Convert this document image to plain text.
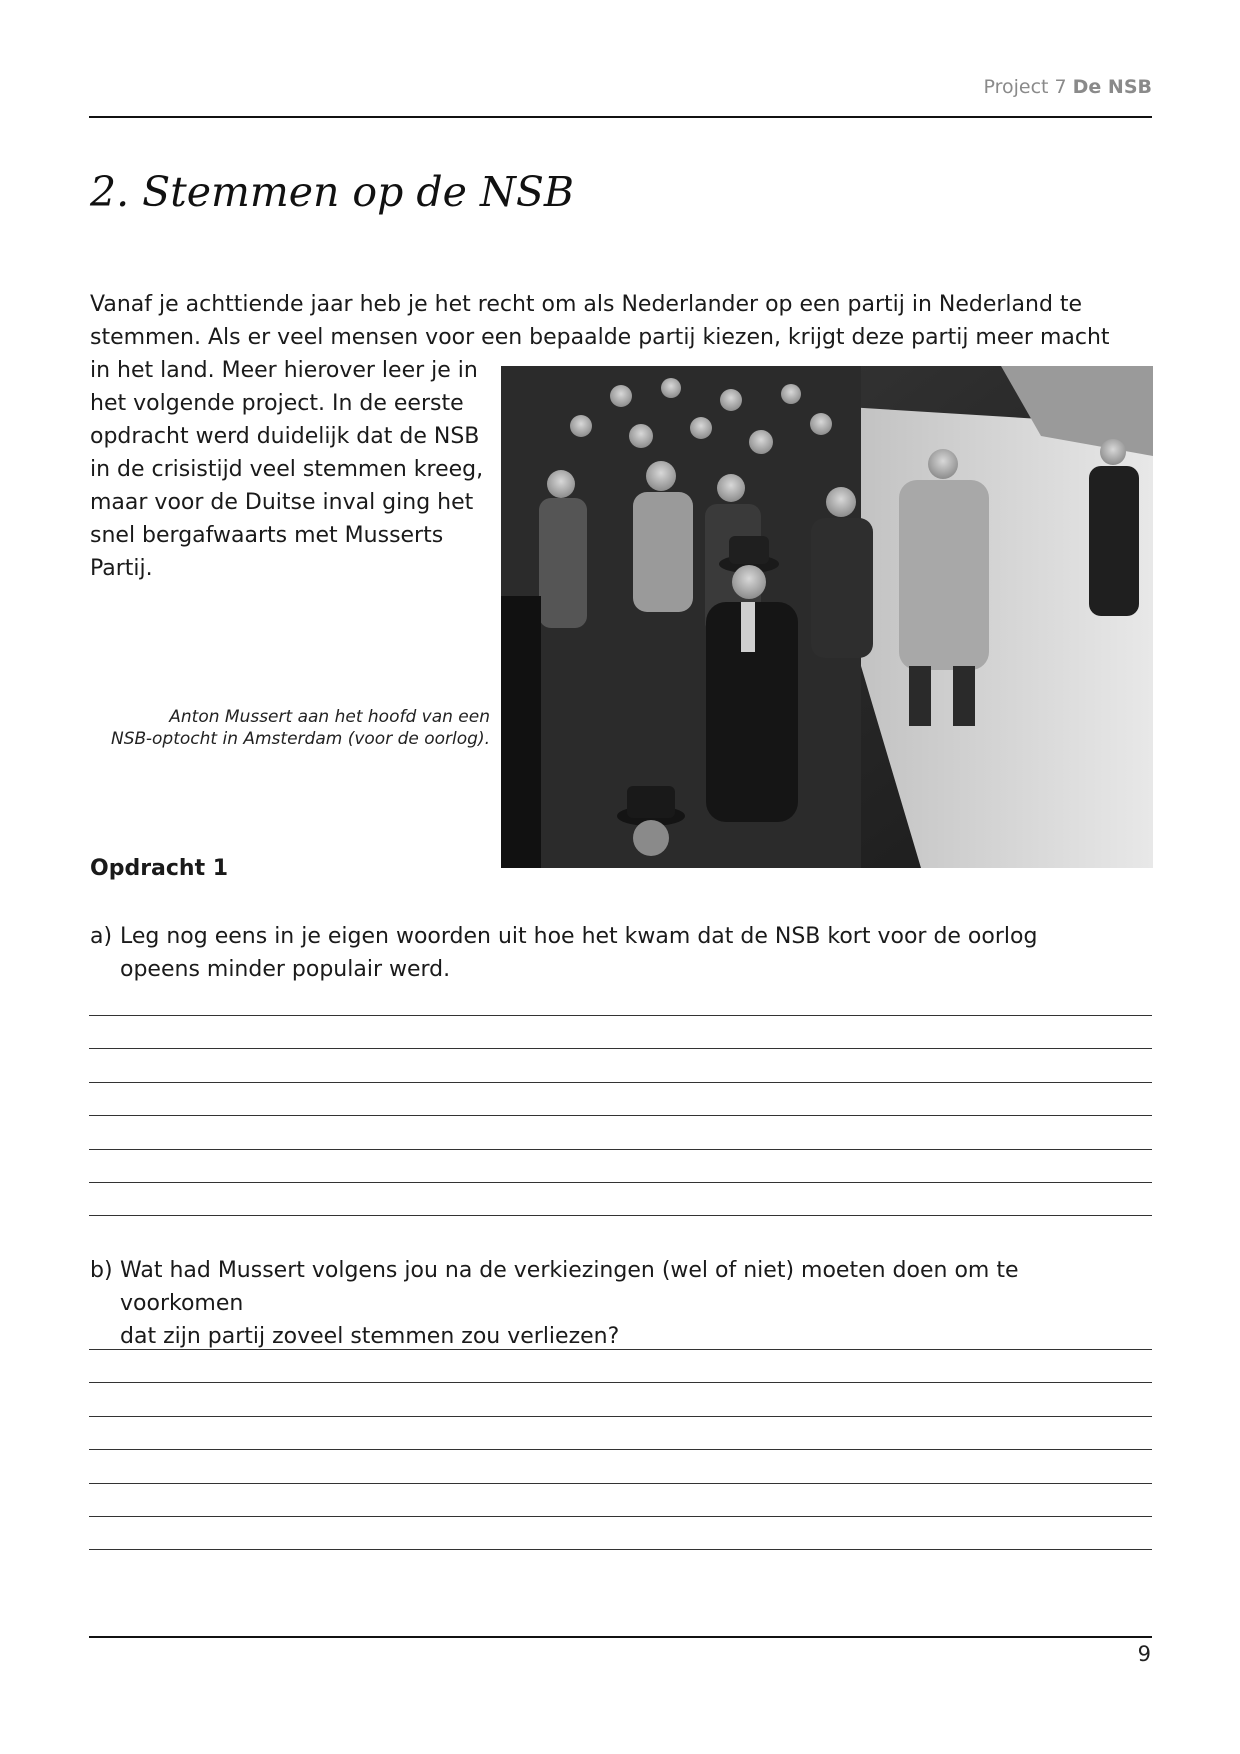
Project 7 De NSB
2. Stemmen op de NSB

Vanaf je achttiende jaar heb je het recht om als Nederlander op een partij in Nederland te

stemmen. Als er veel mensen voor een bepaalde partij kiezen, krijgt deze partij meer macht

in het land. Meer hierover leer je in
het volgende project. In de eerste
opdracht werd duidelijk dat de NSB
in de crisistijd veel stemmen kreeg,
maar voor de Duitse inval ging het
snel bergafwaarts met Musserts
Partij.
Anton Mussert aan het hoofd van een
NSB-optocht in Amsterdam (voor de oorlog).
Opdracht 1
a) Leg nog eens in je eigen woorden uit hoe het kwam dat de NSB kort voor de oorlog
opeens minder populair werd.
b) Wat had Mussert volgens jou na de verkiezingen (wel of niet) moeten doen om te voorkomen
dat zijn partij zoveel stemmen zou verliezen?
9
